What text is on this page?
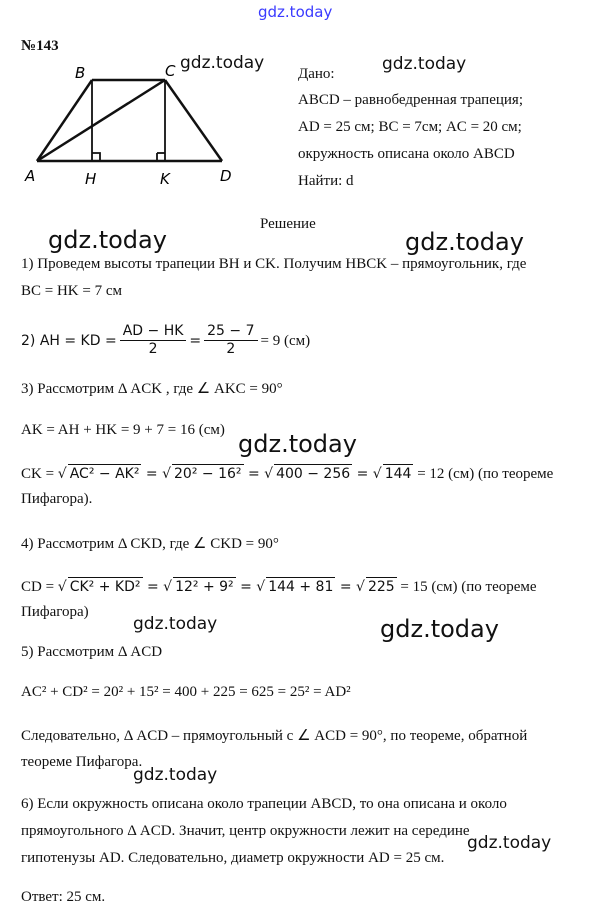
gdz.today
gdz.today	gdz.today
gdz.today	gdz.today
gdz.today
gdz.today	gdz.today
gdz.today
gdz.today
№143
B	C
A	H	K	D
Дано:
ABCD – равнобедренная трапеция;
AD = 25 см; BC = 7см; AC = 20 см;
окружность описана около ABCD
Найти: d
Решение
1) Проведем высоты трапеции BH и CK. Получим HBCK – прямоугольник, где
BC = HK = 7 см
2) AH = KD = $\frac{AD - HK}{2} = \frac{25 - 7}{2} = 9$ (см)
3) Рассмотрим Δ ACK , где ∠ AKC = 90°
AK = AH + HK = 9 + 7 = 16 (см)
CK = √ AC² − AK² = √ 20² − 16² = √ 400 − 256 = √ 144 = 12 (см) (по теореме
Пифагора).
4) Рассмотрим Δ CKD, где ∠ CKD = 90°
CD = √ CK² + KD² = √ 12² + 9² = √ 144 + 81 = √ 225 = 15 (см) (по теореме
Пифагора)
5) Рассмотрим Δ ACD
AC² + CD² = 20² + 15² = 400 + 225 = 625 = 25² = AD²
Следовательно, Δ ACD – прямоугольный с ∠ ACD = 90°, по теореме, обратной
теореме Пифагора.
6) Если окружность описана около трапеции ABCD, то она описана и около
прямоугольного Δ ACD. Значит, центр окружности лежит на середине
гипотенузы AD. Следовательно, диаметр окружности AD = 25 см.
Ответ: 25 см.
